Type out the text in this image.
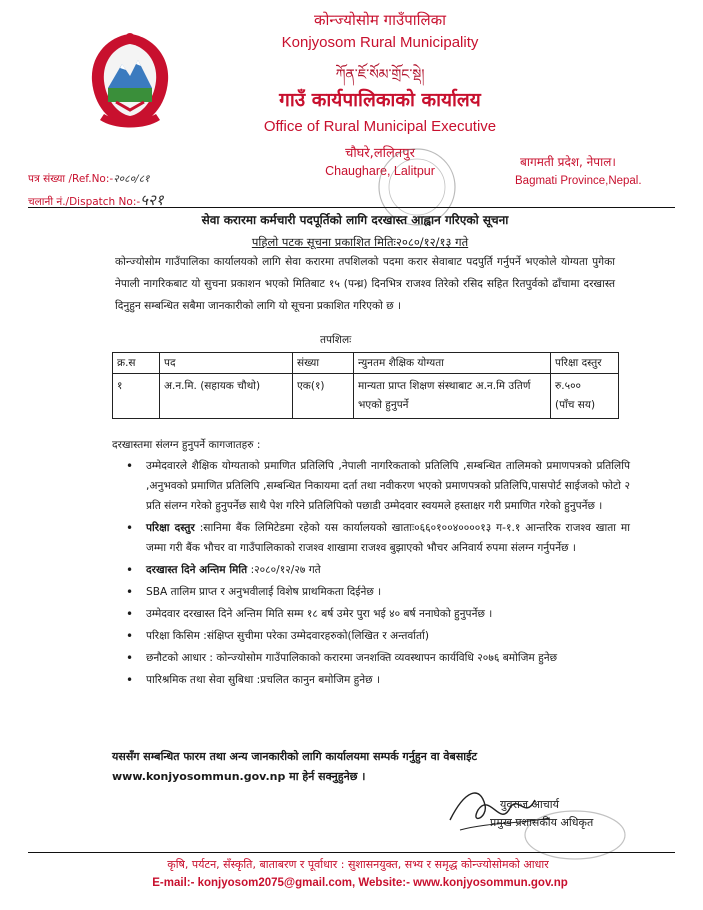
कोन्ज्योसोम गाउँपालिका
Konjyosom Rural Municipality
ཀོན་ཇོ་སོམ་གྲོང་སྡེ།
गाउँ कार्यपालिकाको कार्यालय
Office of Rural Municipal Executive
चौघरे,ललितपुर
Chaughare, Lalitpur
बागमती प्रदेश, नेपाल।
Bagmati Province,Nepal.
पत्र संख्या /Ref.No:-२०८०/८१
चलानी नं./Dispatch No:-५२१
सेवा करारमा कर्मचारी पदपूर्तिको लागि दरखास्त आह्वान गरिएको सूचना
पहिलो पटक सूचना प्रकाशित मितिः२०८०/१२/१३ गते
कोन्ज्योसोम गाउँपालिका कार्यालयको लागि सेवा करारमा तपशिलको पदमा करार सेवाबाट पदपुर्ति गर्नुपर्ने भएकोले योग्यता पुगेका नेपाली नागरिकबाट यो सुचना प्रकाशन भएको मितिबाट १५ (पन्ध्र) दिनभित्र राजश्व तिरेको रसिद सहित रितपुर्वको ढाँचामा दरखास्त दिनुहुन सम्बन्धित सबैमा जानकारीको लागि यो सूचना प्रकाशित गरिएको छ ।
तपशिलः
क्र.स	पद	संख्या	न्युनतम शैक्षिक योग्यता	परिक्षा दस्तुर
१	अ.न.मि. (सहायक चौथो)	एक(१)	मान्यता प्राप्त शिक्षण संस्थाबाट अ.न.मि उतिर्ण भएको हुनुपर्ने	रु.५००
(पाँच सय)
दरखास्तमा संलग्न हुनुपर्ने कागजातहरु :
• उम्मेदवारले शैक्षिक योग्यताको प्रमाणित प्रतिलिपि ,नेपाली नागरिकताको प्रतिलिपि ,सम्बन्धित तालिमको प्रमाणपत्रको प्रतिलिपि ,अनुभवको प्रमाणित प्रतिलिपि ,सम्बन्धित निकायमा दर्ता तथा नवीकरण भएको प्रमाणपत्रको प्रतिलिपि,पासपोर्ट साईजको फोटो २ प्रति संलग्न गरेको हुनुपर्नेछ साथै पेश गरिने प्रतिलिपिको पछाडी उम्मेदवार स्वयमले हस्ताक्षर गरी प्रमाणित गरेको हुनुपर्नेछ ।
• परिक्षा दस्तुर :सानिमा बैंक लिमिटेडमा रहेको यस कार्यालयको खाताः०६६०१००४००००१३ ग-१.१ आन्तरिक राजश्व खाता मा जम्मा गरी बैंक भौचर वा गाउँपालिकाको राजश्व शाखामा राजश्व बुझाएको भौचर अनिवार्य रुपमा संलग्न गर्नुपर्नेछ ।
• दरखास्त दिने अन्तिम मिति :२०८०/१२/२७ गते
• SBA तालिम प्राप्त र अनुभवीलाई विशेष प्राथमिकता दिईनेछ ।
• उम्मेदवार दरखास्त दिने अन्तिम मिति सम्म १८ बर्ष उमेर पुरा भई ४० बर्ष ननाघेको हुनुपर्नेछ ।
• परिक्षा किसिम :संक्षिप्त सुचीमा परेका उम्मेदवारहरुको(लिखित र अन्तर्वार्ता)
• छनौटको आधार : कोन्ज्योसोम गाउँपालिकाको करारमा जनशक्ति व्यवस्थापन कार्यविधि २०७६ बमोजिम हुनेछ
• पारिश्रमिक तथा सेवा सुबिधा :प्रचलित कानुन बमोजिम हुनेछ ।
यससँग सम्बन्धित फारम तथा अन्य जानकारीको लागि कार्यालयमा सम्पर्क गर्नुहुन वा वेबसाईट
www.konjyosommun.gov.np मा हेर्न सक्नुहुनेछ ।
युवराज आचार्य
प्रमुख प्रशासकीय अधिकृत
कृषि, पर्यटन, सँस्कृति, बाताबरण र पूर्वाधार : सुशासनयुक्त, सभ्य र समृद्ध कोन्ज्योसोमको आधार
E-mail:- konjyosom2075@gmail.com, Website:- www.konjyosommun.gov.np
